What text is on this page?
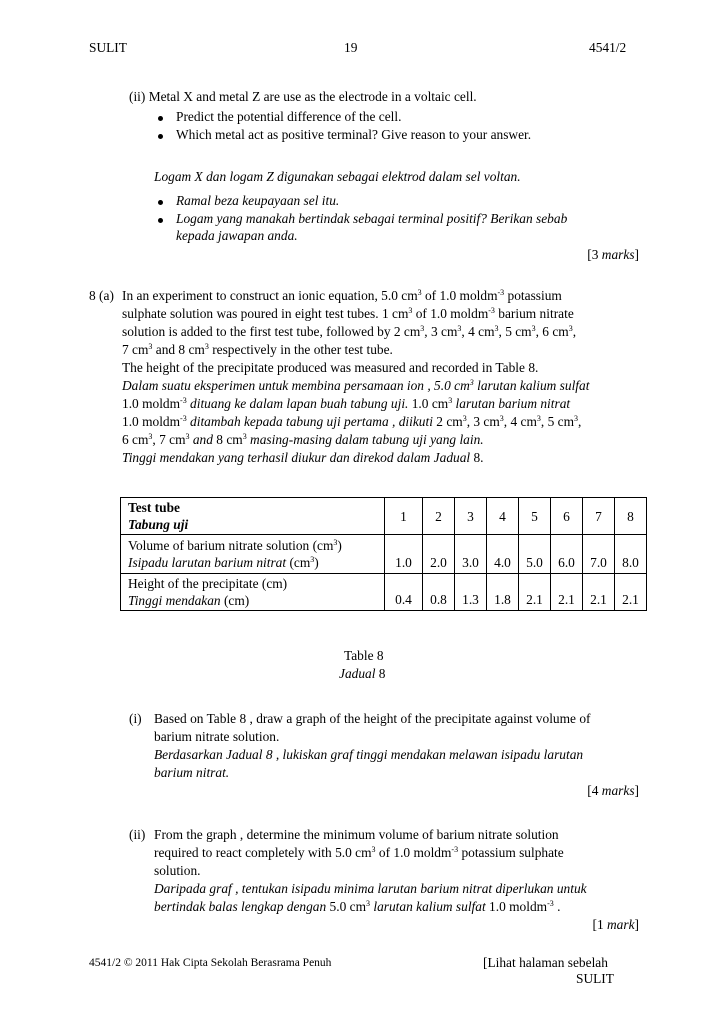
SULIT	19	4541/2
(ii) Metal X and metal Z are use as the electrode in a voltaic cell.
Predict the potential difference of the cell.
Which metal act as positive terminal? Give reason to your answer.
Logam X dan logam Z digunakan sebagai elektrod dalam sel voltan.
Ramal beza keupayaan sel itu.
Logam yang manakah bertindak sebagai terminal positif? Berikan sebab
kepada jawapan anda.
[3 marks]
8 (a) In an experiment to construct an ionic equation, 5.0 $cm^3$ of 1.0 moldm$^{-3}$ potassium
sulphate solution was poured in eight test tubes. 1 $cm^3$ of 1.0 moldm$^{-3}$ barium nitrate
solution is added to the first test tube, followed by 2 $cm^3$, 3 $cm^3$, 4 $cm^3$, 5 $cm^3$, 6 $cm^3$,
7 $cm^3$ and 8 $cm^3$ respectively in the other test tube.
The height of the precipitate produced was measured and recorded in Table 8.
Dalam suatu eksperimen untuk membina persamaan ion , 5.0 $cm^3$ larutan kalium sulfat
1.0 moldm$^{-3}$ dituang ke dalam lapan buah tabung uji. 1.0 $cm^3$ larutan barium nitrat
1.0 moldm$^{-3}$ ditambah kepada tabung uji pertama , diikuti 2 $cm^3$, 3 $cm^3$, 4 $cm^3$, 5 $cm^3$,
6 $cm^3$, 7 $cm^3$ and 8 $cm^3$ masing-masing dalam tabung uji yang lain.
Tinggi mendakan yang terhasil diukur dan direkod dalam Jadual 8.
Test tube
Tabung uji	1	2	3	4	5	6	7	8

Volume of barium nitrate solution $(cm^3)$
Isipadu larutan barium nitrat $(cm^3)$	1.0	2.0	3.0	4.0	5.0	6.0	7.0	8.0

Height of the precipitate (cm)
Tinggi mendakan (cm)	0.4	0.8	1.3	1.8	2.1	2.1	2.1	2.1
Table 8
Jadual 8
(i) Based on Table 8 , draw a graph of the height of the precipitate against volume of
barium nitrate solution.
Berdasarkan Jadual 8 , lukiskan graf tinggi mendakan melawan isipadu larutan
barium nitrat.
[4 marks]
(ii) From the graph , determine the minimum volume of barium nitrate solution
required to react completely with 5.0 $cm^3$ of 1.0 moldm$^{-3}$ potassium sulphate
solution.
Daripada graf , tentukan isipadu minima larutan barium nitrat diperlukan untuk
bertindak balas lengkap dengan 5.0 $cm^3$ larutan kalium sulfat 1.0 moldm$^{-3}$ .
[1 mark]
4541/2 © 2011 Hak Cipta Sekolah Berasrama Penuh	[Lihat halaman sebelah
SULIT
